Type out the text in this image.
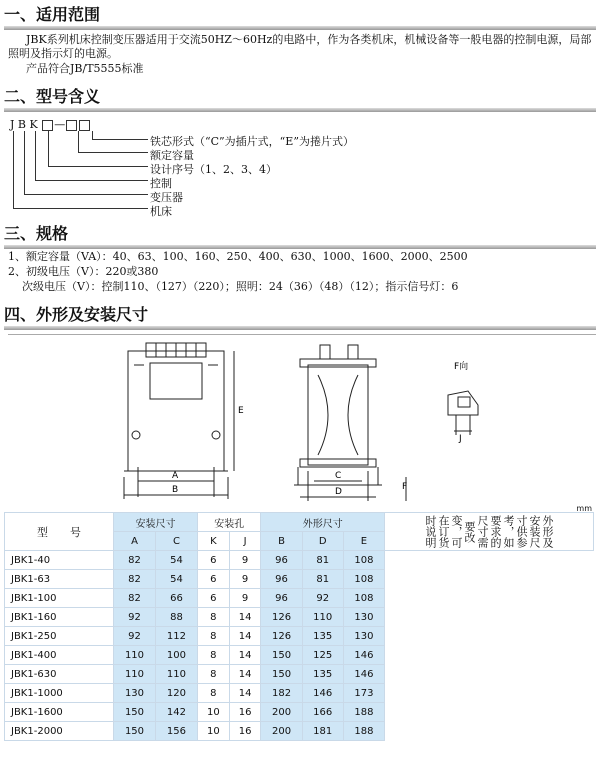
一、适用范围
JBK系列机床控制变压器适用于交流50HZ～60Hz的电路中，作为各类机床，机械设备等一般电器的控制电源，局部照明及指示灯的电源。
产品符合JB/T5555标准
二、型号含义
J B K —
铁芯形式（“C”为插片式，“E”为捲片式）
额定容量
设计序号（1、2、3、4）
控制
变压器
机床
三、规格
1、额定容量（VA）：40、63、100、160、250、400、630、1000、1600、2000、2500
2、初级电压（V）：220或380
次级电压（V）：控制110、（127）（220）；照明：24（36）（48）（12）；指示信号灯：6
四、外形及安装尺寸
A
B
E
C
D	F
J
F向
mm
型　　号	安装尺寸		安装孔		外形尺寸			外形及安装尺寸供参考，如要求的尺寸需要改变，可在订货时说明

	A	C	K	J	B	D	E	
JBK1-40	82	54	6	9	96	81	108	
JBK1-63	82	54	6	9	96	81	108	
JBK1-100	82	66	6	9	96	92	108	
JBK1-160	92	88	8	14	126	110	130	
JBK1-250	92	112	8	14	126	135	130	
JBK1-400	110	100	8	14	150	125	146	
JBK1-630	110	110	8	14	150	135	146	
JBK1-1000	130	120	8	14	182	146	173	
JBK1-1600	150	142	10	16	200	166	188	
JBK1-2000	150	156	10	16	200	181	188	
